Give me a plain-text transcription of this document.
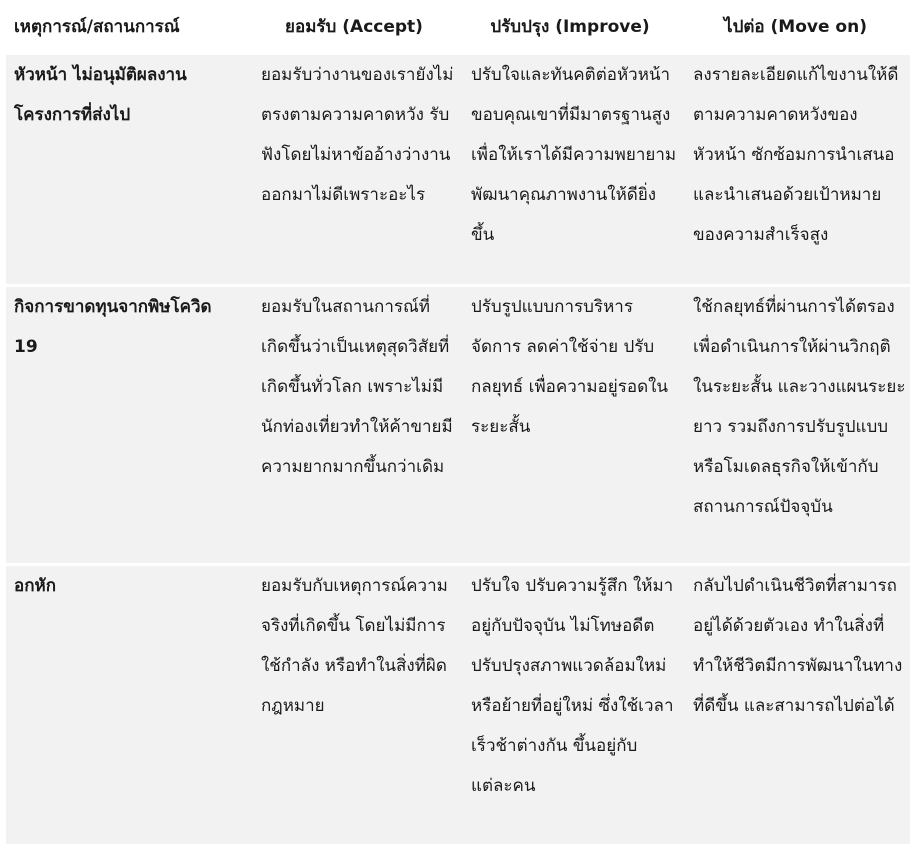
เหตุการณ์/สถานการณ์	ยอมรับ (Accept)	ปรับปรุง (Improve)	ไปต่อ (Move on)

หัวหน้า ไม่อนุมัติผลงานโครงการที่ส่งไป	ยอมรับว่างานของเรายังไม่ตรงตามความคาดหวัง รับฟังโดยไม่หาข้ออ้างว่างานออกมาไม่ดีเพราะอะไร	ปรับใจและทันคติต่อหัวหน้าขอบคุณเขาที่มีมาตรฐานสูงเพื่อให้เราได้มีความพยายาม พัฒนาคุณภาพงานให้ดียิ่งขึ้น	ลงรายละเอียดแก้ไขงานให้ดีตามความคาดหวังของหัวหน้า ซักซ้อมการนำเสนอ และนำเสนอด้วยเป้าหมายของความสำเร็จสูง

กิจการขาดทุนจากพิษโควิด 19	ยอมรับในสถานการณ์ที่เกิดขึ้นว่าเป็นเหตุสุดวิสัยที่เกิดขึ้นทั่วโลก เพราะไม่มีนักท่องเที่ยวทำให้ค้าขายมีความยากมากขึ้นกว่าเดิม	ปรับรูปแบบการบริหารจัดการ ลดค่าใช้จ่าย ปรับกลยุทธ์ เพื่อความอยู่รอดในระยะสั้น	ใช้กลยุทธ์ที่ผ่านการได้ตรองเพื่อดำเนินการให้ผ่านวิกฤติในระยะสั้น และวางแผนระยะยาว รวมถึงการปรับรูปแบบหรือโมเดลธุรกิจให้เข้ากับสถานการณ์ปัจจุบัน

อกหัก	ยอมรับกับเหตุการณ์ความจริงที่เกิดขึ้น โดยไม่มีการใช้กำลัง หรือทำในสิ่งที่ผิดกฎหมาย	ปรับใจ ปรับความรู้สึก ให้มาอยู่กับปัจจุบัน ไม่โทษอดีต ปรับปรุงสภาพแวดล้อมใหม่ หรือย้ายที่อยู่ใหม่ ซึ่งใช้เวลาเร็วช้าต่างกัน ขึ้นอยู่กับแต่ละคน	กลับไปดำเนินชีวิตที่สามารถอยู่ได้ด้วยตัวเอง ทำในสิ่งที่ทำให้ชีวิตมีการพัฒนาในทางที่ดีขึ้น และสามารถไปต่อได้
